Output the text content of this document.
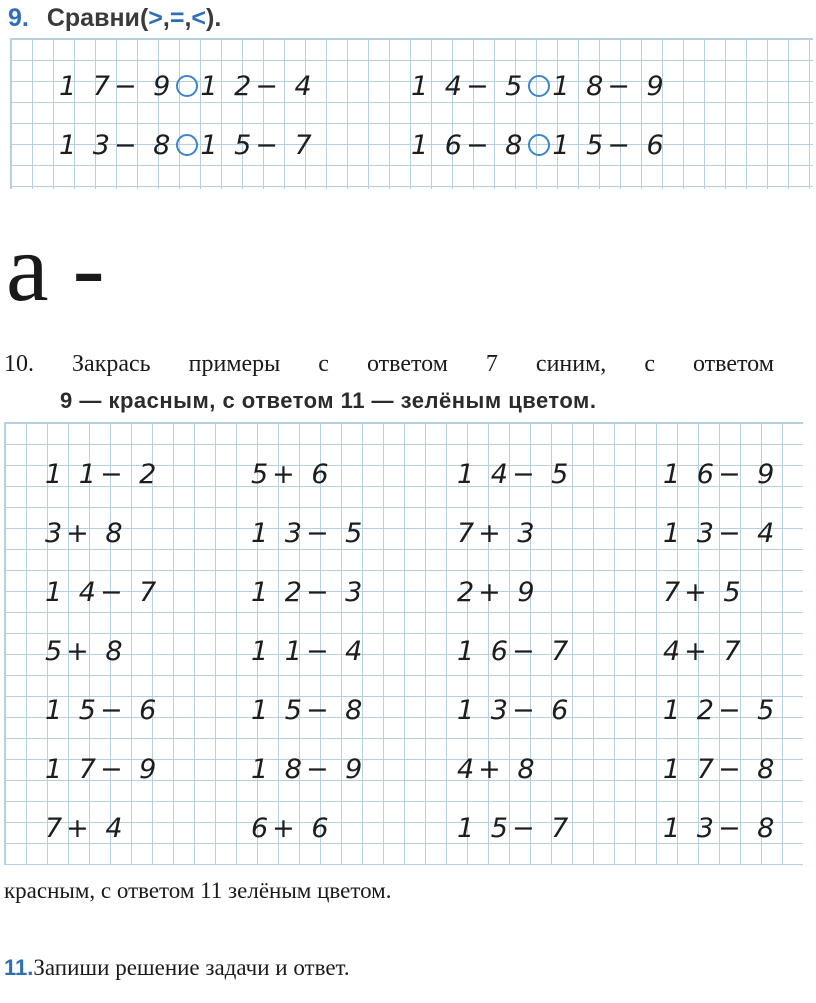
9. Сравни ( > , = , < ).
1 7− 9 1 2− 4	1 4− 5 1 8− 9
1 3− 8 1 5− 7	1 6− 8 1 5− 6
а -
10. Закрась примеры с ответом 7 синим, с ответом
9 — красным, с ответом 11 — зелёным цветом.
1 1− 2
3+ 8
1 4− 7
5+ 8
1 5− 6
1 7− 9
7+ 4
5+ 6
1 3− 5
1 2− 3
1 1− 4
1 5− 8
1 8− 9
6+ 6
1 4− 5
7+ 3
2+ 9
1 6− 7
1 3− 6
4+ 8
1 5− 7
1 6− 9
1 3− 4
7+ 5
4+ 7
1 2− 5
1 7− 8
1 3− 8
красным, с ответом 11 зелёным цветом.
11. Запиши решение задачи и ответ.
